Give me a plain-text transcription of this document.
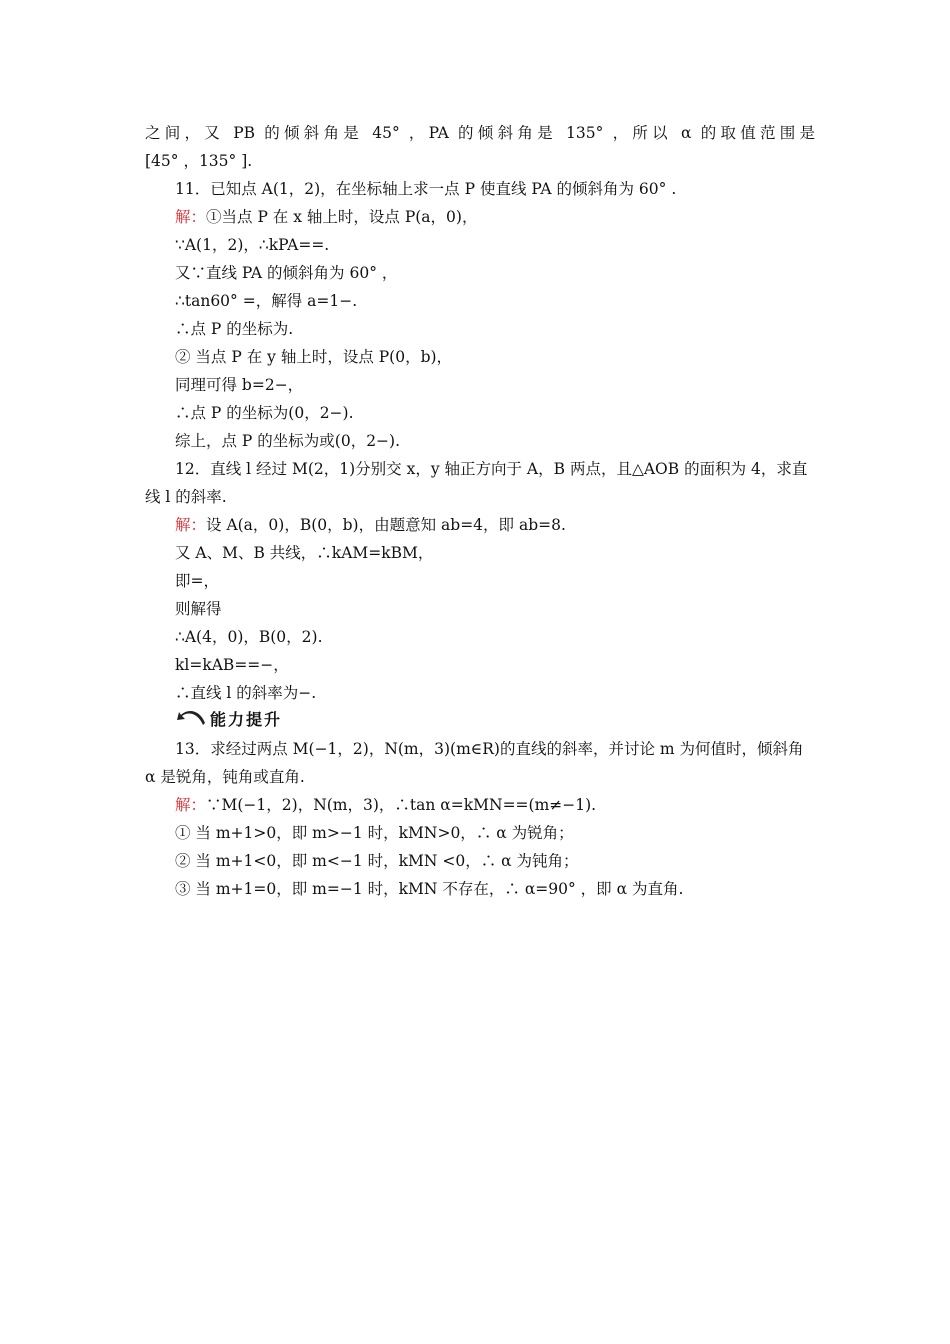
之间，又 PB 的倾斜角是 45° ，PA 的倾斜角是 135° ，所以 α 的取值范围是
[45° ，135° ].
11．已知点 A(1，2)，在坐标轴上求一点 P 使直线 PA 的倾斜角为 60° .
解：①当点 P 在 x 轴上时，设点 P(a，0)，
∵A(1，2)，∴kPA==.
又∵直线 PA 的倾斜角为 60° ，
∴tan60° =，解得 a=1−.
∴点 P 的坐标为.
② 当点 P 在 y 轴上时，设点 P(0，b)，
同理可得 b=2−，
∴点 P 的坐标为(0，2−).
综上，点 P 的坐标为或(0，2−).
12．直线 l 经过 M(2，1)分别交 x，y 轴正方向于 A，B 两点，且△AOB 的面积为 4，求直
线 l 的斜率.
解：设 A(a，0)，B(0，b)，由题意知 ab=4，即 ab=8.
又 A、M、B 共线，∴kAM=kBM，
即=，
则解得
∴A(4，0)，B(0，2).
kl=kAB==−，
∴直线 l 的斜率为−.
能力提升
13．求经过两点 M(−1，2)，N(m，3)(m∈R)的直线的斜率，并讨论 m 为何值时，倾斜角
α 是锐角，钝角或直角.
解：∵M(−1，2)，N(m，3)，∴tan α=kMN==(m≠−1).
① 当 m+1>0，即 m>−1 时，kMN>0，∴ α 为锐角；
② 当 m+1<0，即 m<−1 时，kMN <0，∴ α 为钝角；
③ 当 m+1=0，即 m=−1 时，kMN 不存在，∴ α=90° ，即 α 为直角.
